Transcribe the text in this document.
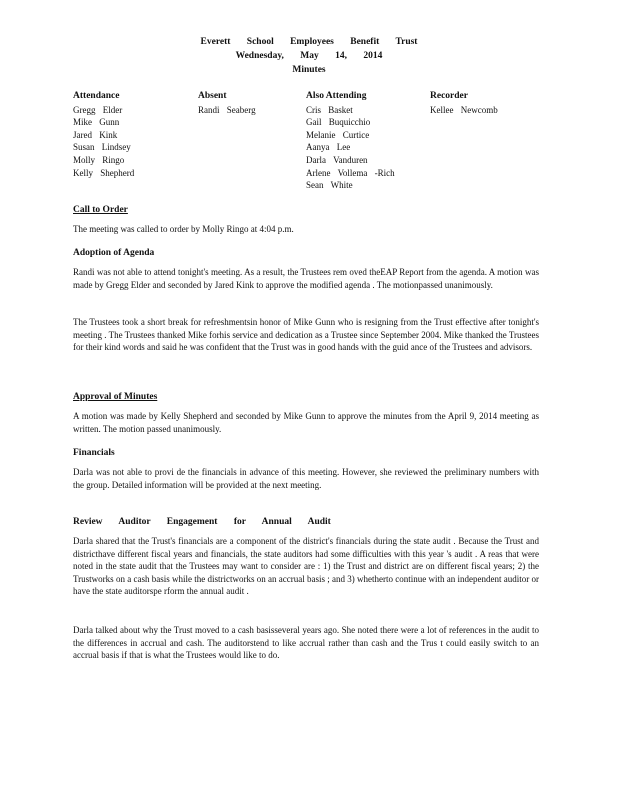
Everett School Employees Benefit Trust
Wednesday, May 14, 2014
Minutes
Attendance
Gregg Elder
Mike Gunn
Jared Kink
Susan Lindsey
Molly Ringo
Kelly Shepherd
Absent
Randi Seaberg
Also Attending
Cris Basket
Gail Buquicchio
Melanie Curtice
Aanya Lee
Darla Vanduren
Arlene Vollema -Rich
Sean White
Recorder
Kellee Newcomb
Call to Order
The meeting was called to order by Molly Ringo at 4:04 p.m.
Adoption of Agenda
Randi was not able to attend tonight's meeting. As a result, the Trustees rem oved theEAP Report from the agenda. A motion was made by Gregg Elder and seconded by Jared Kink to approve the modified agenda . The motionpassed unanimously.
The Trustees took a short break for refreshmentsin honor of Mike Gunn who is resigning from the Trust effective after tonight's meeting . The Trustees thanked Mike forhis service and dedication as a Trustee since September 2004. Mike thanked the Trustees for their kind words and said he was confident that the Trust was in good hands with the guid ance of the Trustees and advisors.
Approval of Minutes
A motion was made by Kelly Shepherd and seconded by Mike Gunn to approve the minutes from the April 9, 2014 meeting as written. The motion passed unanimously.
Financials
Darla was not able to provi de the financials in advance of this meeting. However, she reviewed the preliminary numbers with the group. Detailed information will be provided at the next meeting.
Review Auditor Engagement for Annual Audit
Darla shared that the Trust's financials are a component of the district's financials during the state audit . Because the Trust and districthave different fiscal years and financials, the state auditors had some difficulties with this year 's audit . A reas that were noted in the state audit that the Trustees may want to consider are : 1) the Trust and district are on different fiscal years; 2) the Trustworks on a cash basis while the districtworks on an accrual basis ; and 3) whetherto continue with an independent auditor or have the state auditorspe rform the annual audit .
Darla talked about why the Trust moved to a cash basisseveral years ago. She noted there were a lot of references in the audit to the differences in accrual and cash. The auditorstend to like accrual rather than cash and the Trus t could easily switch to an accrual basis if that is what the Trustees would like to do.
